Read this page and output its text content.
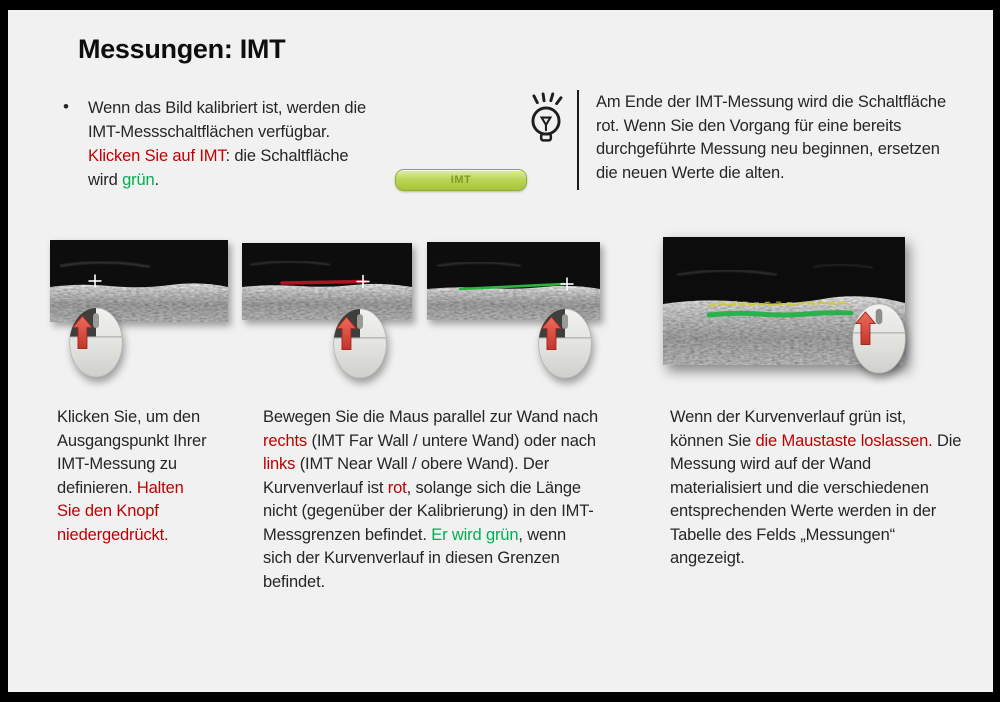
Messungen: IMT
• Wenn das Bild kalibriert ist, werden die IMT-Messschaltflächen verfügbar. Klicken Sie auf IMT: die Schaltfläche wird grün.	IMT

Am Ende der IMT-Messung wird die Schaltfläche rot. Wenn Sie den Vorgang für eine bereits durchgeführte Messung neu beginnen, ersetzen die neuen Werte die alten.

Klicken Sie, um den Ausgangspunkt Ihrer IMT-Messung zu definieren. Halten Sie den Knopf niedergedrückt.

Bewegen Sie die Maus parallel zur Wand nach rechts (IMT Far Wall / untere Wand) oder nach links (IMT Near Wall / obere Wand). Der Kurvenverlauf ist rot, solange sich die Länge nicht (gegenüber der Kalibrierung) in den IMT-Messgrenzen befindet. Er wird grün, wenn sich der Kurvenverlauf in diesen Grenzen befindet.

Wenn der Kurvenverlauf grün ist, können Sie die Maustaste loslassen. Die Messung wird auf der Wand materialisiert und die verschiedenen entsprechenden Werte werden in der Tabelle des Felds „Messungen“ angezeigt.
